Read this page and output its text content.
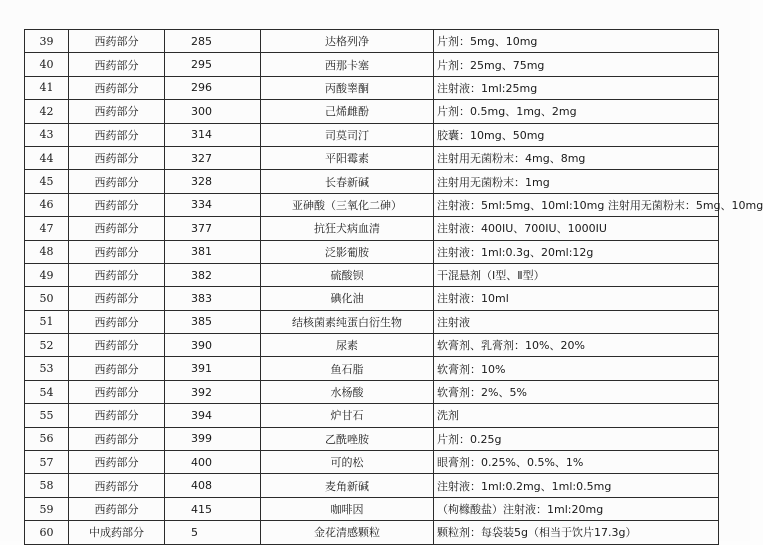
39	西药部分	285	达格列净	片剂：5mg、10mg
40	西药部分	295	西那卡塞	片剂：25mg、75mg
41	西药部分	296	丙酸睾酮	注射液：1ml:25mg
42	西药部分	300	己烯雌酚	片剂：0.5mg、1mg、2mg
43	西药部分	314	司莫司汀	胶囊：10mg、50mg
44	西药部分	327	平阳霉素	注射用无菌粉末：4mg、8mg
45	西药部分	328	长春新碱	注射用无菌粉末：1mg
46	西药部分	334	亚砷酸（三氧化二砷）	注射液：5ml:5mg、10ml:10mg 注射用无菌粉末：5mg、10mg
47	西药部分	377	抗狂犬病血清	注射液：400IU、700IU、1000IU
48	西药部分	381	泛影葡胺	注射液：1ml:0.3g、20ml:12g
49	西药部分	382	硫酸钡	干混悬剂（Ⅰ型、Ⅱ型）
50	西药部分	383	碘化油	注射液：10ml
51	西药部分	385	结核菌素纯蛋白衍生物	注射液
52	西药部分	390	尿素	软膏剂、乳膏剂：10%、20%
53	西药部分	391	鱼石脂	软膏剂：10%
54	西药部分	392	水杨酸	软膏剂：2%、5%
55	西药部分	394	炉甘石	洗剂
56	西药部分	399	乙酰唑胺	片剂：0.25g
57	西药部分	400	可的松	眼膏剂：0.25%、0.5%、1%
58	西药部分	408	麦角新碱	注射液：1ml:0.2mg、1ml:0.5mg
59	西药部分	415	咖啡因	（枸橼酸盐）注射液：1ml:20mg
60	中成药部分	5	金花清感颗粒	颗粒剂：每袋装5g（相当于饮片17.3g）
